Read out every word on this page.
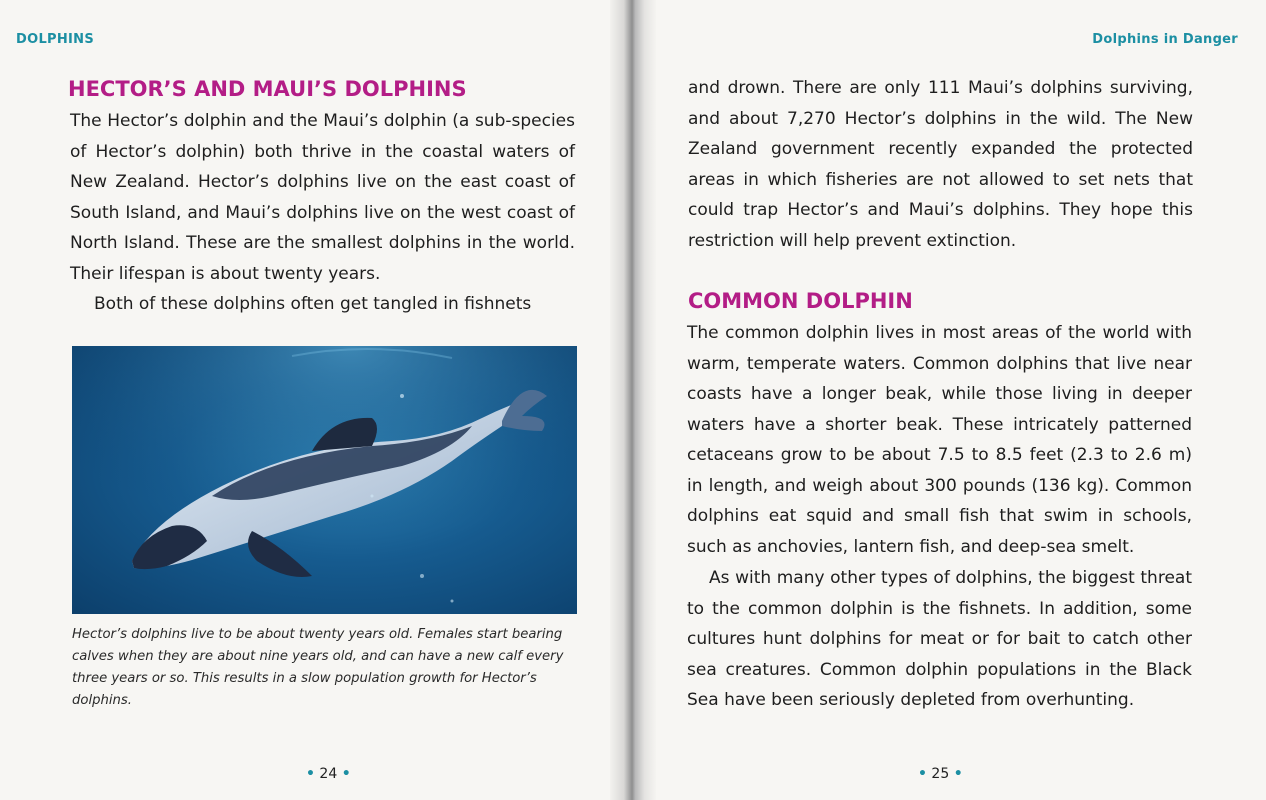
DOLPHINS
HECTOR’S AND MAUI’S DOLPHINS

The Hector’s dolphin and the Maui’s dolphin (a sub-species of Hector’s dolphin) both thrive in the coastal waters of New Zealand. Hector’s dolphins live on the east coast of South Island, and Maui’s dolphins live on the west coast of North Island. These are the smallest dolphins in the world. Their lifespan is about twenty years.

Both of these dolphins often get tangled in fishnets

Hector’s dolphins live to be about twenty years old. Females start bearing calves when they are about nine years old, and can have a new calf every three years or so. This results in a slow population growth for Hector’s dolphins.

• 24 •
Dolphins in Danger

and drown. There are only 111 Maui’s dolphins surviving, and about 7,270 Hector’s dolphins in the wild. The New Zealand government recently expanded the protected areas in which fisheries are not allowed to set nets that could trap Hector’s and Maui’s dolphins. They hope this restriction will help prevent extinction.

COMMON DOLPHIN

The common dolphin lives in most areas of the world with warm, temperate waters. Common dolphins that live near coasts have a longer beak, while those living in deeper waters have a shorter beak. These intricately patterned cetaceans grow to be about 7.5 to 8.5 feet (2.3 to 2.6 m) in length, and weigh about 300 pounds (136 kg). Common dolphins eat squid and small fish that swim in schools, such as anchovies, lantern fish, and deep-sea smelt.

As with many other types of dolphins, the biggest threat to the common dolphin is the fishnets. In addition, some cultures hunt dolphins for meat or for bait to catch other sea creatures. Common dolphin populations in the Black Sea have been seriously depleted from overhunting.

• 25 •
